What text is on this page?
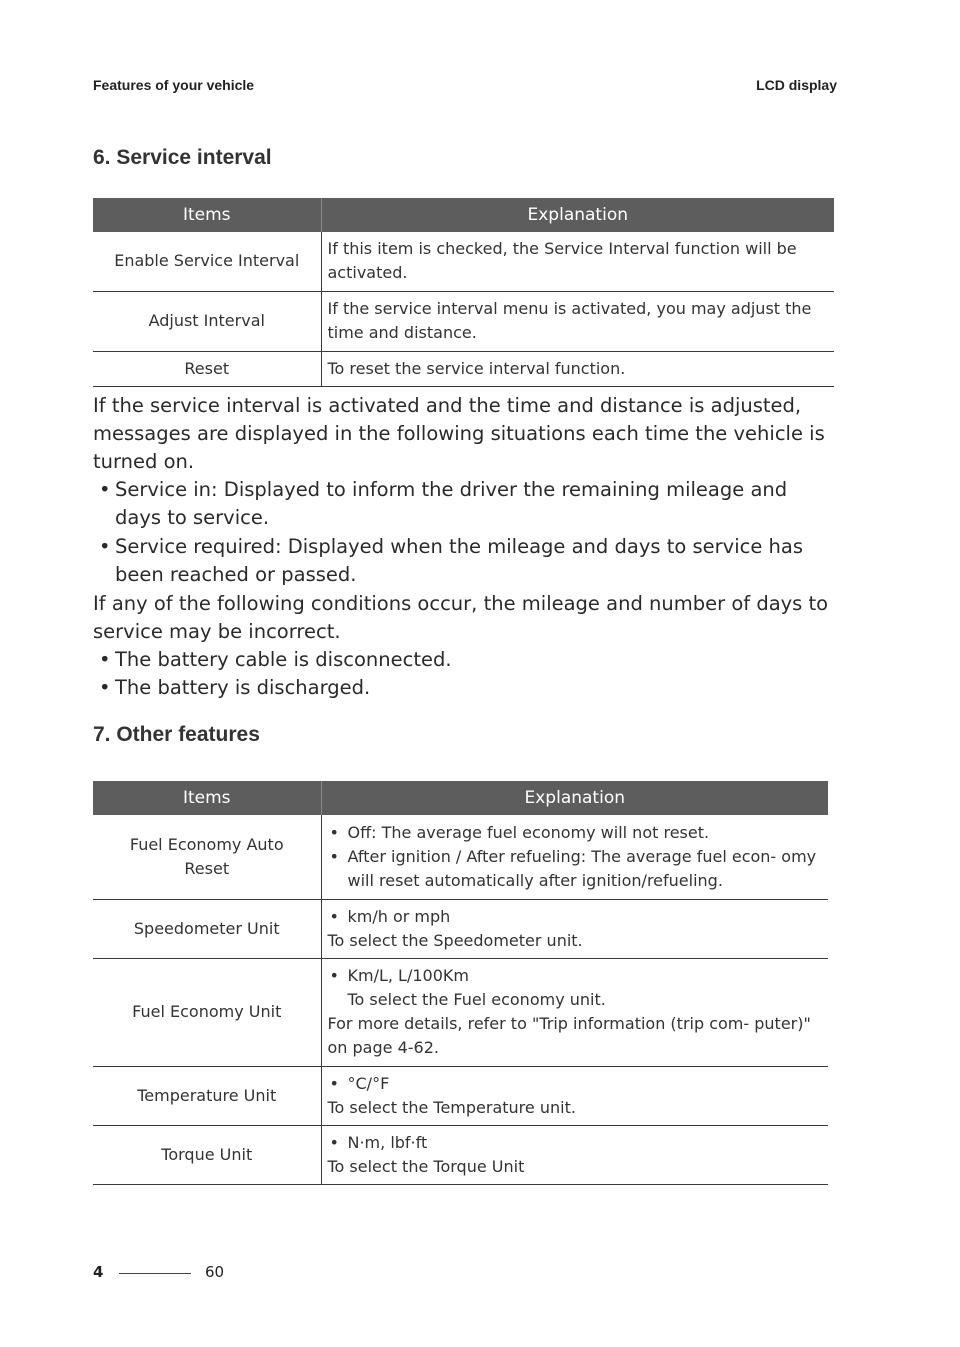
Features of your vehicle	LCD display
6. Service interval
Items	Explanation
Enable Service Interval	If this item is checked, the Service Interval function will be activated.
Adjust Interval	If the service interval menu is activated, you may adjust the time and distance.
Reset	To reset the service interval function.

If the service interval is activated and the time and distance is adjusted, messages are displayed in the following situations each time the vehicle is turned on.

• Service in: Displayed to inform the driver the remaining mileage and days to service.

• Service required: Displayed when the mileage and days to service has been reached or passed.

If any of the following conditions occur, the mileage and number of days to service may be incorrect.

• The battery cable is disconnected.

• The battery is discharged.

7. Other features
Items	Explanation
Fuel Economy Auto Reset	• Off: The average fuel economy will not reset.
• After ignition / After refueling: The average fuel econ- omy will reset automatically after ignition/refueling.

Speedometer Unit	• km/h or mph
To select the Speedometer unit.

Fuel Economy Unit	• Km/L, L/100Km
To select the Fuel economy unit.
For more details, refer to "Trip information (trip com- puter)" on page 4-62.

Temperature Unit	• °C/°F
To select the Temperature unit.

Torque Unit	• N·m, lbf·ft
To select the Torque Unit
4	60
